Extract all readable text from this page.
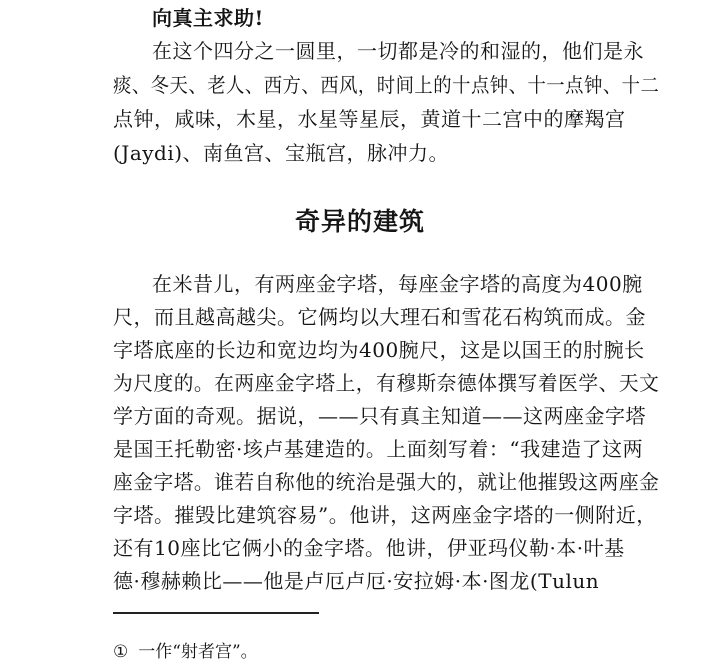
向真主求助!
在这个四分之一圆里，一切都是冷的和湿的，他们是永
痰、冬天、老人、西方、西风，时间上的十点钟、十一点钟、十二
点钟，咸味，木星，水星等星辰，黄道十二宫中的摩羯宫
(Jaydi)、南鱼宫、宝瓶宫，脉冲力。
奇异的建筑
在米昔儿，有两座金字塔，每座金字塔的高度为400腕
尺，而且越高越尖。它俩均以大理石和雪花石构筑而成。金
字塔底座的长边和宽边均为400腕尺，这是以国王的肘腕长
为尺度的。在两座金字塔上，有穆斯奈德体撰写着医学、天文
学方面的奇观。据说，——只有真主知道——这两座金字塔
是国王托勒密·垓卢基建造的。上面刻写着：“我建造了这两
座金字塔。谁若自称他的统治是强大的，就让他摧毁这两座金
字塔。摧毁比建筑容易”。他讲，这两座金字塔的一侧附近，
还有10座比它俩小的金字塔。他讲，伊亚玛仪勒·本·叶基
德·穆赫赖比——他是卢厄卢厄·安拉姆·本·图龙(Tulun
① 一作“射者宫”。
